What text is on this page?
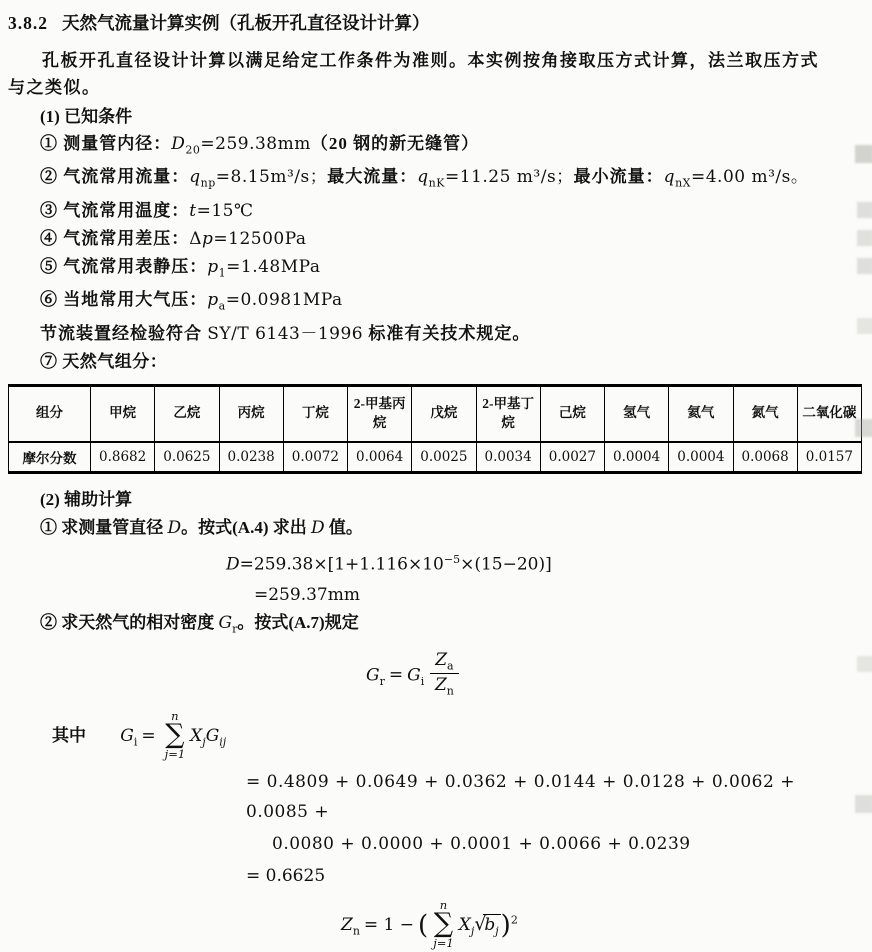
3.8.2 天然气流量计算实例（孔板开孔直径设计计算）

孔板开孔直径设计计算以满足给定工作条件为准则。本实例按角接取压方式计算，法兰取压方式与之类似。

(1) 已知条件

① 测量管内径：$D_{20}=259.38mm(20$ 钢的新无缝管）

② 气流常用流量：$q_{np}=8.15m^3/s$；最大流量：$q_{nK}=11.25$ m³/s；最小流量：$q_{nX}=4.00$ m³/s。

③ 气流常用温度：t=15℃

④ 气流常用差压：Δp=12500Pa

⑤ 气流常用表静压：$p_1=1.48MPa$

⑥ 当地常用大气压：$p_a=0.0981MPa$

节流装置经检验符合 SY/T 6143－1996 标准有关技术规定。

⑦ 天然气组分：

组分	甲烷	乙烷	丙烷	丁烷	2-甲基丙烷	戊烷	2-甲基丁烷	己烷	氢气	氦气	氮气	二氧化碳
摩尔分数	0.8682	0.0625	0.0238	0.0072	0.0064	0.0025	0.0034	0.0027	0.0004	0.0004	0.0068	0.0157

(2) 辅助计算

① 求测量管直径 D。按式(A.4) 求出 D 值。

$D=259.38\times[1+1.116\times 10^{-5}\times(15-20)]$

=259.37mm

② 求天然气的相对密度 $G_r$。按式(A.7)规定

$G_r = G_i \frac{Z_a}{Z_n}$
其中 $G_i$ =
n
∑
j=1
$X_jG_{ij}$

= 0.4809 + 0.0649 + 0.0362 + 0.0144 + 0.0128 + 0.0062 + 0.0085 +

0.0080 + 0.0000 + 0.0001 + 0.0066 + 0.0239

= 0.6625

$Z_n = 1$ − (
n
∑
j=1
$X_j√b_j)^2$
